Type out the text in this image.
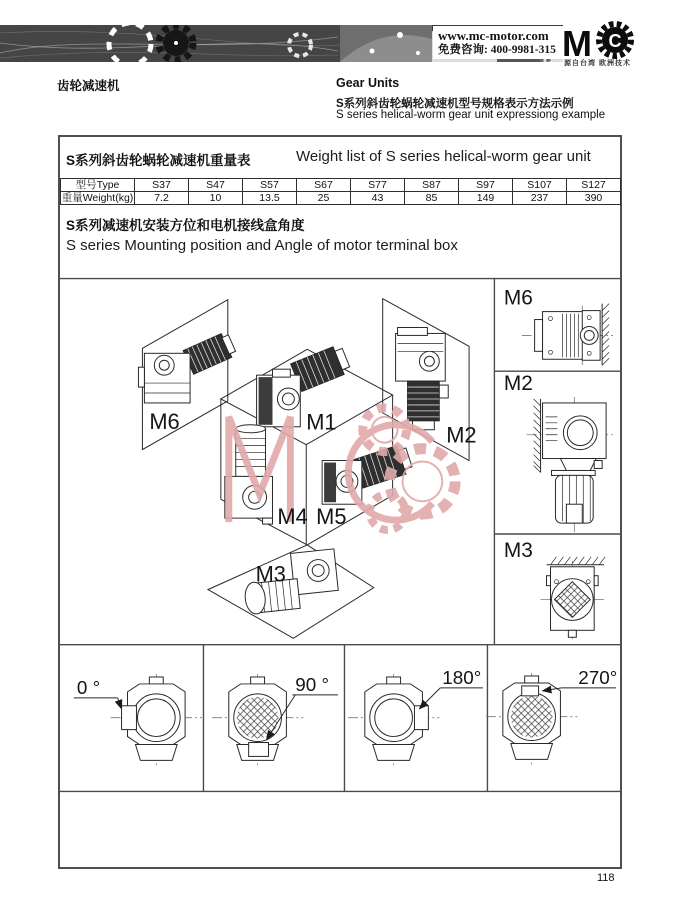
www.mc-motor.com
免费咨询: 400-9981-315 M C
源自台湾 欧洲技术
齿轮减速机	Gear Units
S系列斜齿轮蜗轮减速机型号规格表示方法示例
S series helical-worm gear unit expressiong example
S系列斜齿轮蜗轮减速机重量表	Weight list of S series helical-worm gear unit
型号Type	S37	S47	S57	S67	S77	S87	S97	S107	S127
重量Weight(kg)	7.2	10	13.5	25	43	85	149	237	390
S系列减速机安装方位和电机接线盒角度
S series Mounting position and Angle of motor terminal box
M6	M1
M2
M4 M5
M3
M6
M2
M3
0 °	90 °	180°	270°
118
